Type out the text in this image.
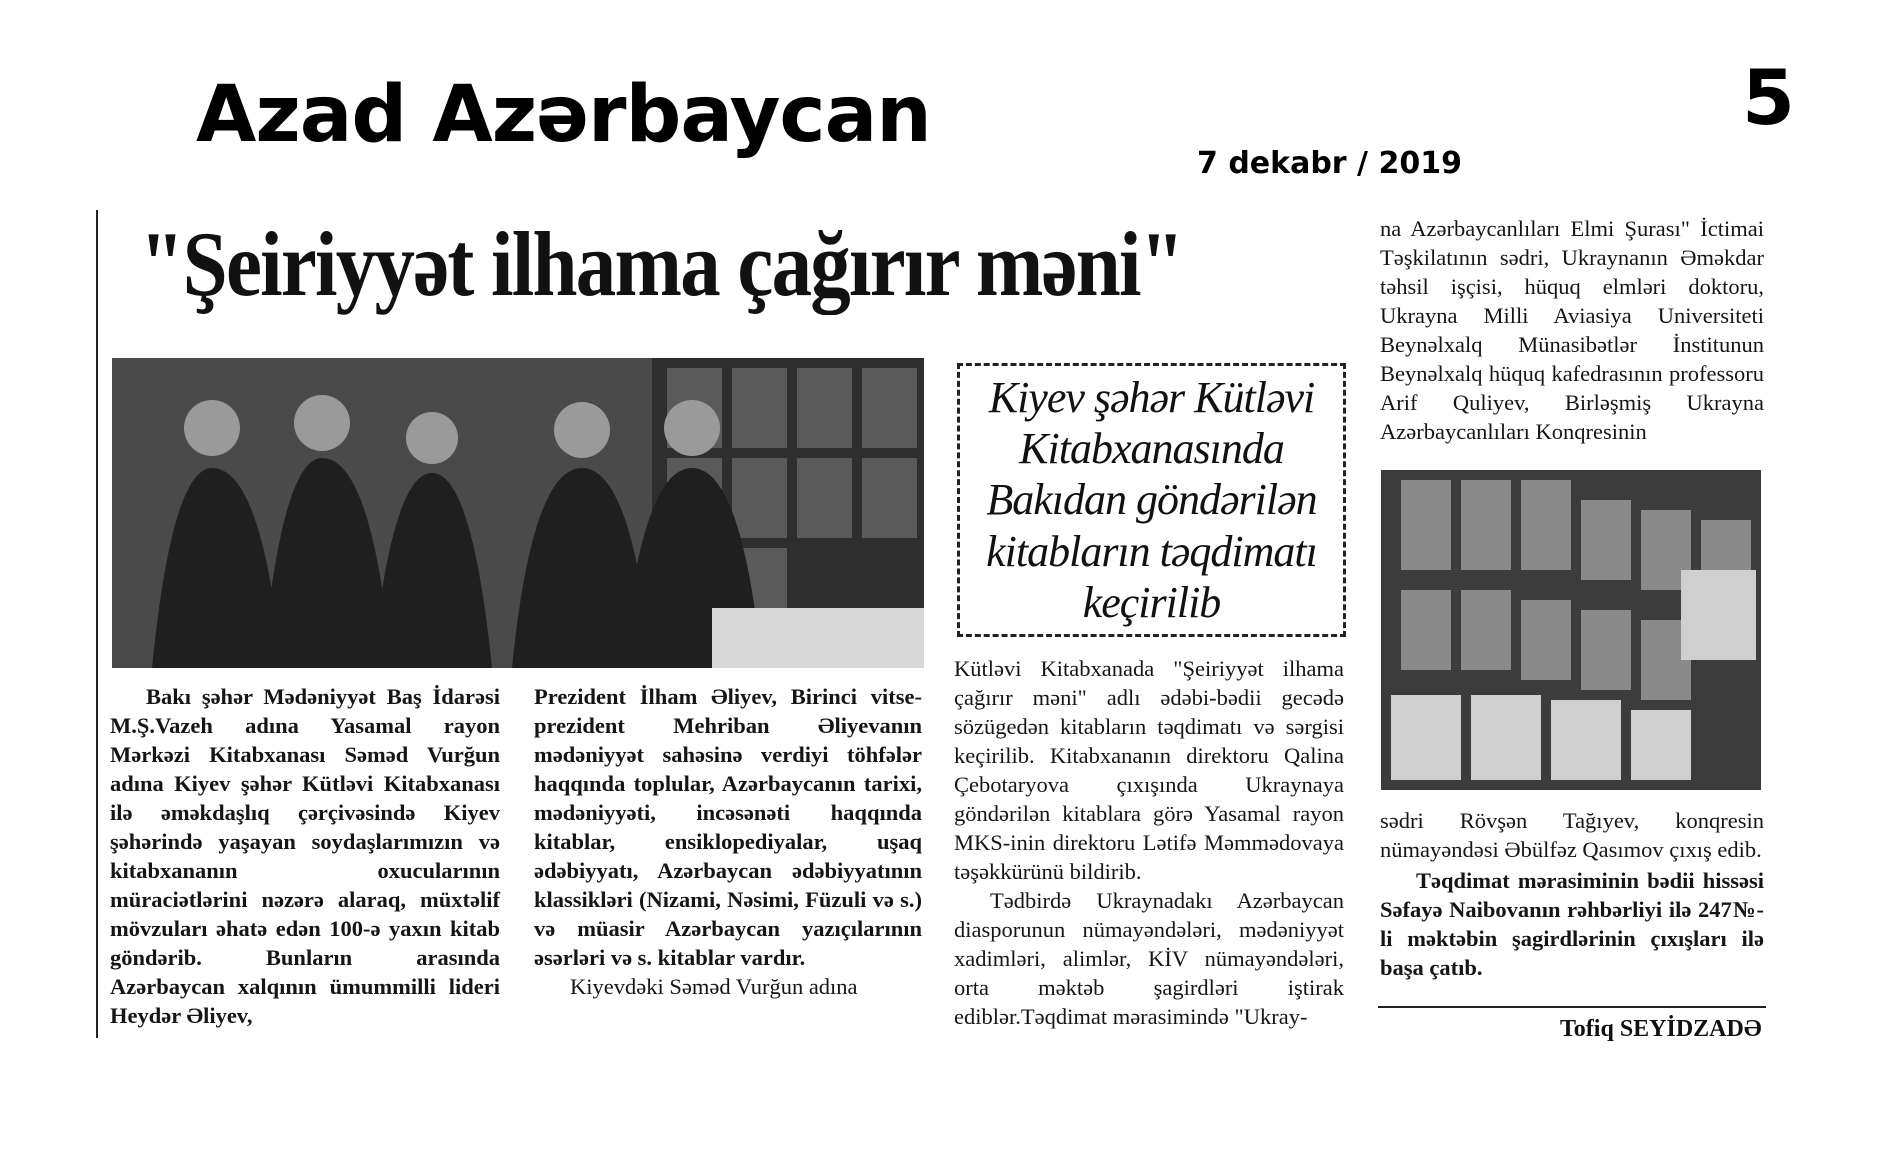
Azad Azərbaycan	5
7 dekabr / 2019
"Şeiriyyət ilhama çağırır məni"
Kiyev şəhər Kütləvi Kitabxanasında Bakıdan göndərilən kitabların təqdimatı keçirilib

Bakı şəhər Mədəniyyət Baş İdarəsi M.Ş.Vazeh adına Yasamal rayon Mərkəzi Kitabxanası Səməd Vurğun adına Kiyev şəhər Kütləvi Kitabxanası ilə əməkdaşlıq çərçivəsində Kiyev şəhərində yaşayan soydaşlarımızın və kitabxananın oxucularının müraciətlərini nəzərə alaraq, müxtəlif mövzuları əhatə edən 100-ə yaxın kitab göndərib. Bunların arasında Azərbaycan xalqının ümummilli lideri Heydər Əliyev,

Prezident İlham Əliyev, Birinci vitse-prezident Mehriban Əliyevanın mədəniyyət sahəsinə verdiyi töhfələr haqqında toplular, Azərbaycanın tarixi, mədəniyyəti, incəsənəti haqqında kitablar, ensiklopediyalar, uşaq ədəbiyyatı, Azərbaycan ədəbiyyatının klassikləri (Nizami, Nəsimi, Füzuli və s.) və müasir Azərbaycan yazıçılarının əsərləri və s. kitablar vardır.

Kiyevdəki Səməd Vurğun adına

Kütləvi Kitabxanada "Şeiriyyət ilhama çağırır məni" adlı ədəbi-bədii gecədə sözügedən kitabların təqdimatı və sərgisi keçirilib. Kitabxananın direktoru Qalina Çebotaryova çıxışında Ukraynaya göndərilən kitablara görə Yasamal rayon MKS-inin direktoru Lətifə Məmmədovaya təşəkkürünü bildirib.

Tədbirdə Ukraynadakı Azərbaycan diasporunun nümayəndələri, mədəniyyət xadimləri, alimlər, KİV nümayəndələri, orta məktəb şagirdləri iştirak ediblər.Təqdimat mərasimində "Ukray-

na Azərbaycanlıları Elmi Şurası" İctimai Təşkilatının sədri, Ukraynanın Əməkdar təhsil işçisi, hüquq elmləri doktoru, Ukrayna Milli Aviasiya Universiteti Beynəlxalq Münasibətlər İnstitunun Beynəlxalq hüquq kafedrasının professoru Arif Quliyev, Birləşmiş Ukrayna Azərbaycanlıları Konqresinin

sədri Rövşən Tağıyev, konqresin nümayəndəsi Əbülfəz Qasımov çıxış edib.

Təqdimat mərasiminin bədii hissəsi Səfayə Naibovanın rəhbərliyi ilə 247№-li məktəbin şagirdlərinin çıxışları ilə başa çatıb.

Tofiq SEYİDZADƏ
